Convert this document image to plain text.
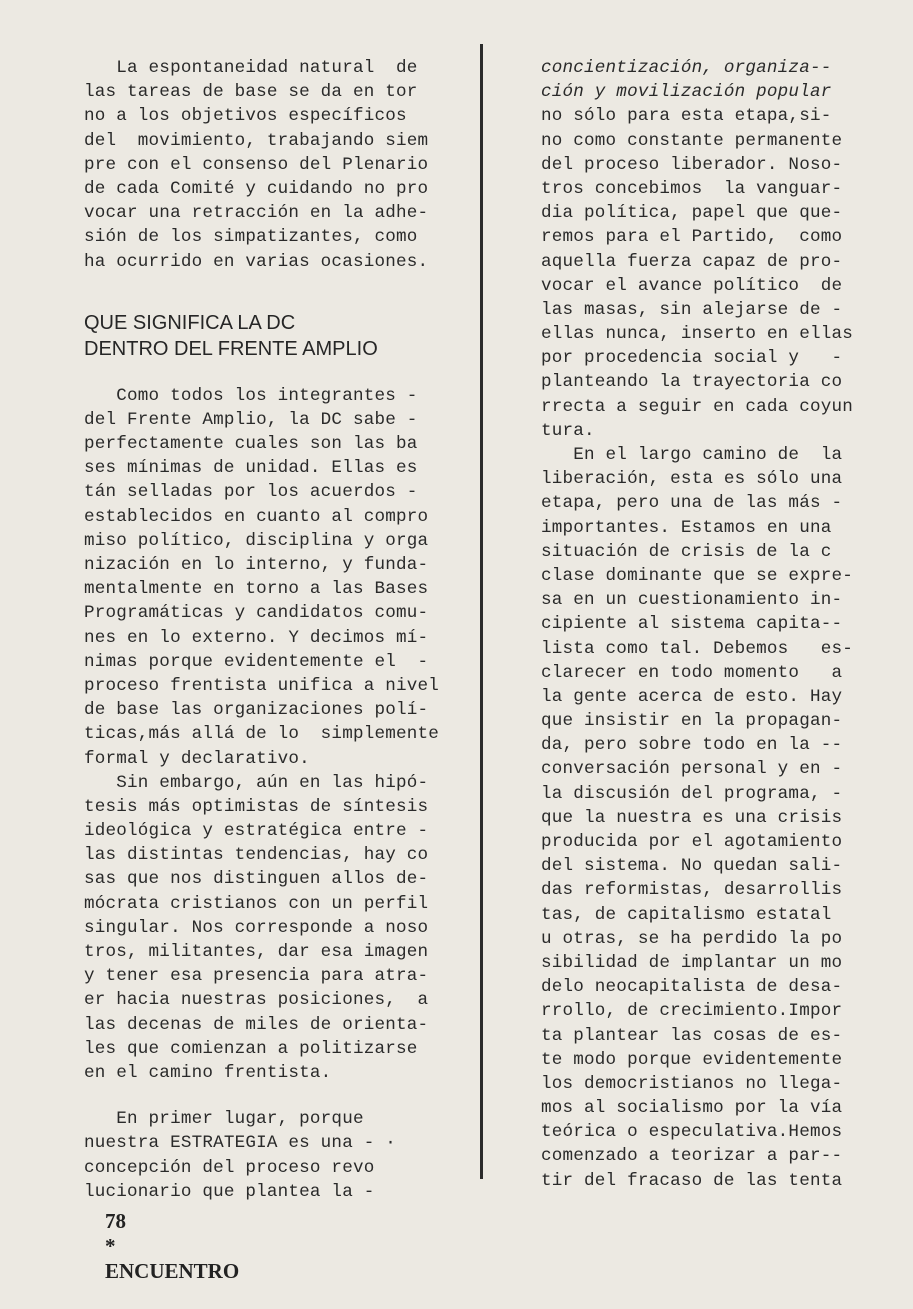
La espontaneidad natural  de
las tareas de base se da en tor
no a los objetivos específicos
del  movimiento, trabajando siem
pre con el consenso del Plenario
de cada Comité y cuidando no pro
vocar una retracción en la adhe-
sión de los simpatizantes, como
ha ocurrido en varias ocasiones.
QUE SIGNIFICA LA DC
DENTRO DEL FRENTE AMPLIO
Como todos los integrantes -
del Frente Amplio, la DC sabe -
perfectamente cuales son las ba
ses mínimas de unidad. Ellas es
tán selladas por los acuerdos -
establecidos en cuanto al compro
miso político, disciplina y orga
nización en lo interno, y funda-
mentalmente en torno a las Bases
Programáticas y candidatos comu-
nes en lo externo. Y decimos mí-
nimas porque evidentemente el  -
proceso frentista unifica a nivel
de base las organizaciones polí-
ticas,más allá de lo  simplemente
formal y declarativo.
Sin embargo, aún en las hipó-
tesis más optimistas de síntesis
ideológica y estratégica entre -
las distintas tendencias, hay co
sas que nos distinguen allos de-
mócrata cristianos con un perfil
singular. Nos corresponde a noso
tros, militantes, dar esa imagen
y tener esa presencia para atra-
er hacia nuestras posiciones,  a
las decenas de miles de orienta-
les que comienzan a politizarse
en el camino frentista.
En primer lugar, porque
nuestra ESTRATEGIA es una - ·
concepción del proceso revo
lucionario que plantea la -
concientización, organiza--
ción y movilización popular
no sólo para esta etapa,si-
no como constante permanente
del proceso liberador. Noso-
tros concebimos  la vanguar-
dia política, papel que que-
remos para el Partido,  como
aquella fuerza capaz de pro-
vocar el avance político  de
las masas, sin alejarse de -
ellas nunca, inserto en ellas
por procedencia social y   -
planteando la trayectoria co
rrecta a seguir en cada coyun
tura.
En el largo camino de  la
liberación, esta es sólo una
etapa, pero una de las más -
importantes. Estamos en una
situación de crisis de la c
clase dominante que se expre-
sa en un cuestionamiento in-
cipiente al sistema capita--
lista como tal. Debemos   es-
clarecer en todo momento   a
la gente acerca de esto. Hay
que insistir en la propagan-
da, pero sobre todo en la --
conversación personal y en -
la discusión del programa, -
que la nuestra es una crisis
producida por el agotamiento
del sistema. No quedan sali-
das reformistas, desarrollis
tas, de capitalismo estatal
u otras, se ha perdido la po
sibilidad de implantar un mo
delo neocapitalista de desa-
rrollo, de crecimiento.Impor
ta plantear las cosas de es-
te modo porque evidentemente
los democristianos no llega-
mos al socialismo por la vía
teórica o especulativa.Hemos
comenzado a teorizar a par--
tir del fracaso de las tenta

78
*
ENCUENTRO
